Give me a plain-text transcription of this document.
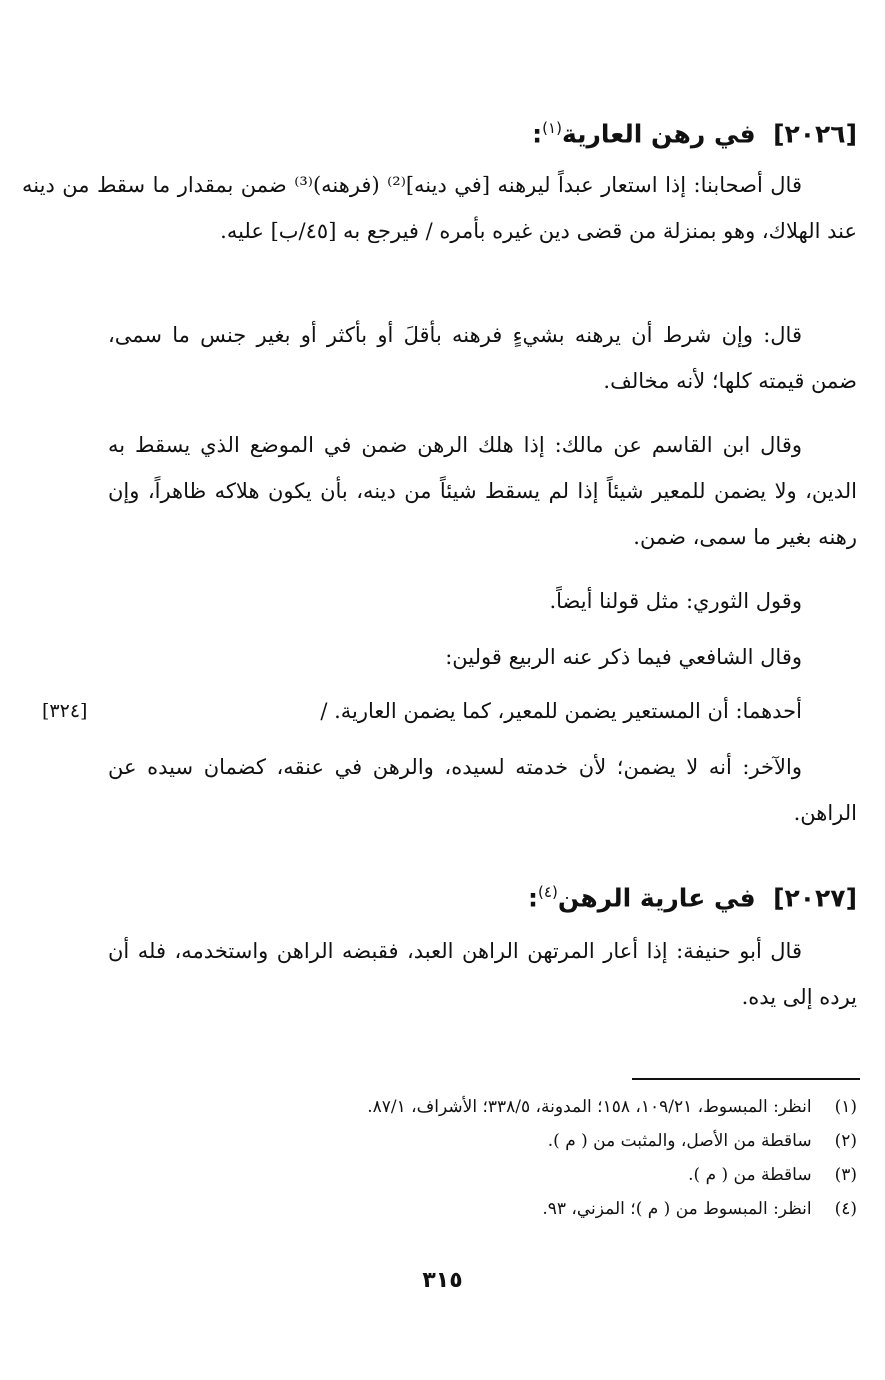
[٢٠٢٦]  في رهن العارية$^{(١)}$:
قال أصحابنا: إذا استعار عبداً ليرهنه [في دينه]⁽²⁾ (فرهنه)⁽³⁾ ضمن بمقدار ما سقط من دينه عند الهلاك، وهو بمنزلة من قضى دين غيره بأمره / فيرجع به [٤٥/ب] عليه.
قال: وإن شرط أن يرهنه بشيءٍ فرهنه بأقلَ أو بأكثر أو بغير جنس ما سمى، ضمن قيمته كلها؛ لأنه مخالف.
وقال ابن القاسم عن مالك: إذا هلك الرهن ضمن في الموضع الذي يسقط به الدين، ولا يضمن للمعير شيئاً إذا لم يسقط شيئاً من دينه، بأن يكون هلاكه ظاهراً، وإن رهنه بغير ما سمى، ضمن.
وقول الثوري: مثل قولنا أيضاً.
وقال الشافعي فيما ذكر عنه الربيع قولين:
أحدهما: أن المستعير يضمن للمعير، كما يضمن العارية. /
[٣٢٤]
والآخر: أنه لا يضمن؛ لأن خدمته لسيده، والرهن في عنقه، كضمان سيده عن الراهن.
[٢٠٢٧]  في عارية الرهن$^{(٤)}$:
قال أبو حنيفة: إذا أعار المرتهن الراهن العبد، فقبضه الراهن واستخدمه، فله أن يرده إلى يده.
(١) انظر: المبسوط، ١٠٩/٢١، ١٥٨؛ المدونة، ٣٣٨/٥؛ الأشراف، ٨٧/١.
(٢) ساقطة من الأصل، والمثبت من ( م ).
(٣) ساقطة من ( م ).
(٤) انظر: المبسوط من ( م )؛ المزني، ٩٣.
٣١٥
